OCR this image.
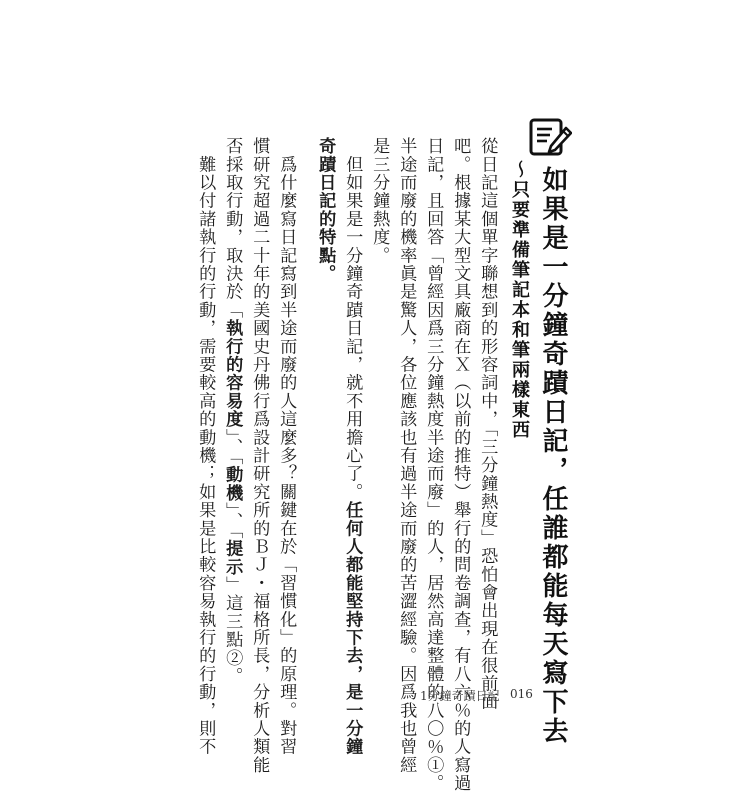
如果是一分鐘奇蹟日記，任誰都能每天寫下去
～只要準備筆記本和筆兩樣東西
從日記這個單字聯想到的形容詞中，「三分鐘熱度」恐怕會出現在很前面
吧。根據某大型文具廠商在Ｘ（以前的推特）舉行的問卷調查，有八六％的人寫過
日記，且回答「曾經因爲三分鐘熱度半途而廢」的人，居然高達整體的八〇％①。
半途而廢的機率眞是驚人，各位應該也有過半途而廢的苦澀經驗。因爲我也曾經
是三分鐘熱度。
　但如果是一分鐘奇蹟日記，就不用擔心了。任何人都能堅持下去，是一分鐘
奇蹟日記的特點。
　爲什麼寫日記寫到半途而廢的人這麼多？關鍵在於「習慣化」的原理。對習
慣研究超過二十年的美國史丹佛行爲設計研究所的ＢＪ・福格所長，分析人類能
否採取行動，取決於「執行的容易度」、「動機」、「提示」這三點②。
　難以付諸執行的行動，需要較高的動機；如果是比較容易執行的行動，則不	1分鐘奇蹟日記 016
